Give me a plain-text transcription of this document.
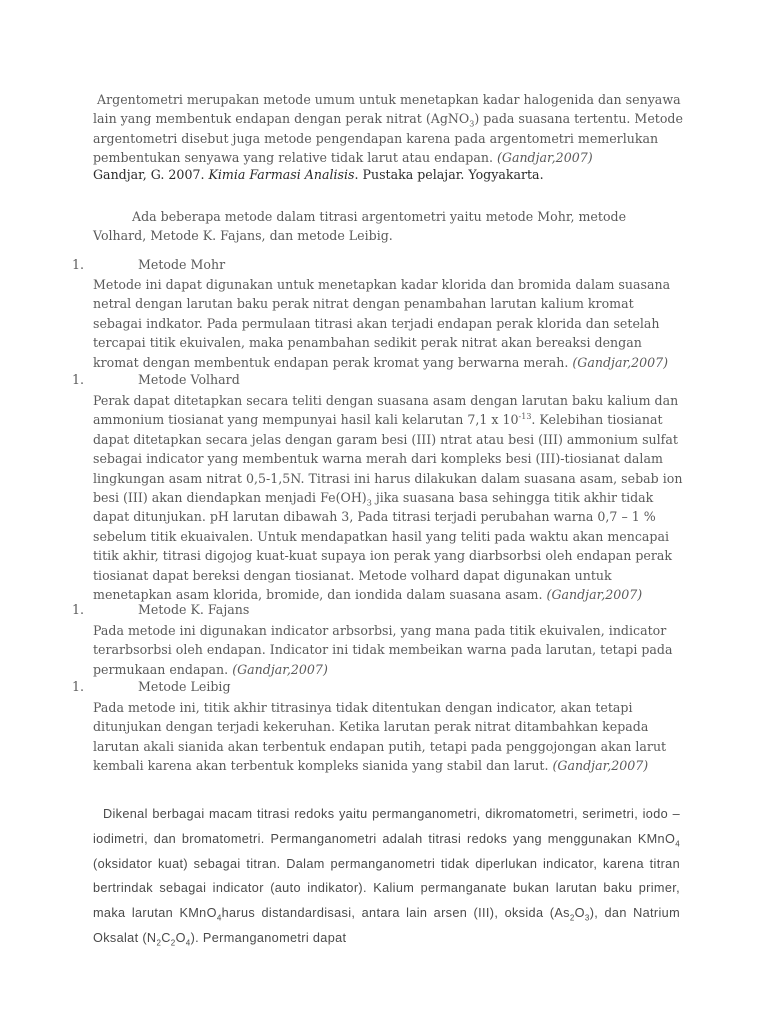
Argentometri merupakan metode umum untuk menetapkan kadar halogenida dan senyawa lain yang membentuk endapan dengan perak nitrat (AgNO$_3$) pada suasana tertentu. Metode argentometri disebut juga metode pengendapan karena pada argentometri memerlukan pembentukan senyawa yang relative tidak larut atau endapan. (Gandjar,2007)

Gandjar, G. 2007. Kimia Farmasi Analisis. Pustaka pelajar. Yogyakarta.

Ada beberapa metode dalam titrasi argentometri yaitu metode Mohr, metode Volhard, Metode K. Fajans, dan metode Leibig.

1.	Metode Mohr

Metode ini dapat digunakan untuk menetapkan kadar klorida dan bromida dalam suasana netral dengan larutan baku perak nitrat dengan penambahan larutan kalium kromat sebagai indkator. Pada permulaan titrasi akan terjadi endapan perak klorida dan setelah tercapai titik ekuivalen, maka penambahan sedikit perak nitrat akan bereaksi dengan kromat dengan membentuk endapan perak kromat yang berwarna merah. (Gandjar,2007)

1.	Metode Volhard

Perak dapat ditetapkan secara teliti dengan suasana asam dengan larutan baku kalium dan ammonium tiosianat yang mempunyai hasil kali kelarutan 7,1 x $10^{-13}$. Kelebihan tiosianat dapat ditetapkan secara jelas dengan garam besi (III) ntrat atau besi (III) ammonium sulfat sebagai indicator yang membentuk warna merah dari kompleks besi (III)-tiosianat dalam lingkungan asam nitrat 0,5-1,5N. Titrasi ini harus dilakukan dalam suasana asam, sebab ion besi (III) akan diendapkan menjadi $Fe(OH)_3$ jika suasana basa sehingga titik akhir tidak dapat ditunjukan. pH larutan dibawah 3, Pada titrasi terjadi perubahan warna 0,7 – 1 % sebelum titik ekuaivalen. Untuk mendapatkan hasil yang teliti pada waktu akan mencapai titik akhir, titrasi digojog kuat-kuat supaya ion perak yang diarbsorbsi oleh endapan perak tiosianat dapat bereksi dengan tiosianat. Metode volhard dapat digunakan untuk menetapkan asam klorida, bromide, dan iondida dalam suasana asam. (Gandjar,2007)

1.	Metode K. Fajans

Pada metode ini digunakan indicator arbsorbsi, yang mana pada titik ekuivalen, indicator terarbsorbsi oleh endapan. Indicator ini tidak membeikan warna pada larutan, tetapi pada permukaan endapan. (Gandjar,2007)

1.	Metode Leibig

Pada metode ini, titik akhir titrasinya tidak ditentukan dengan indicator, akan tetapi ditunjukan dengan terjadi kekeruhan. Ketika larutan perak nitrat ditambahkan kepada larutan akali sianida akan terbentuk endapan putih, tetapi pada penggojongan akan larut kembali karena akan terbentuk kompleks sianida yang stabil dan larut. (Gandjar,2007)

Dikenal berbagai macam titrasi redoks yaitu permanganometri, dikromatometri, serimetri, iodo – iodimetri, dan bromatometri. Permanganometri adalah titrasi redoks yang menggunakan KMnO$_4$ (oksidator kuat) sebagai titran. Dalam permanganometri tidak diperlukan indicator, karena titran bertrindak sebagai indicator (auto indikator). Kalium permanganate bukan larutan baku primer, maka larutan KMnO$_4$harus distandardisasi, antara lain arsen (III), oksida $(As_2O_3)$, dan Natrium Oksalat $(N_2C_2O_4)$. Permanganometri dapat
